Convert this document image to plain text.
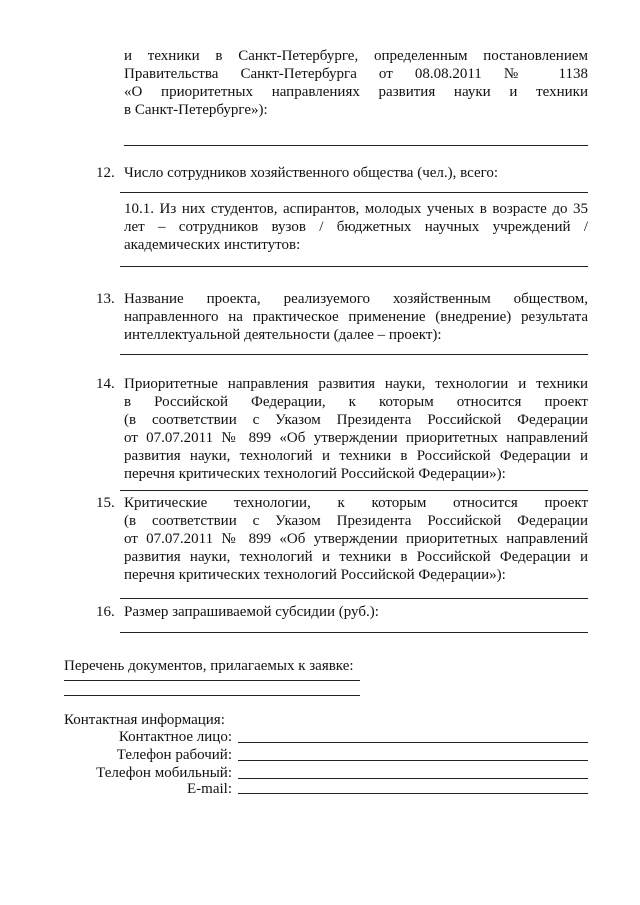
и техники в Санкт-Петербурге, определенным постановлением
Правительства Санкт-Петербурга от 08.08.2011 № 1138
«О приоритетных направлениях развития науки и техники
в Санкт-Петербурге»):
12. Число сотрудников хозяйственного общества (чел.), всего:
10.1. Из них студентов, аспирантов, молодых ученых в возрасте до 35
лет – сотрудников вузов / бюджетных научных учреждений /
академических институтов:
13. Название проекта, реализуемого хозяйственным обществом,
направленного на практическое применение (внедрение) результата
интеллектуальной деятельности (далее – проект):
14. Приоритетные направления развития науки, технологии и техники
в Российской Федерации, к которым относится проект
(в соответствии с Указом Президента Российской Федерации
от 07.07.2011 № 899 «Об утверждении приоритетных направлений
развития науки, технологий и техники в Российской Федерации и
перечня критических технологий Российской Федерации»):
15. Критические технологии, к которым относится проект
(в соответствии с Указом Президента Российской Федерации
от 07.07.2011 № 899 «Об утверждении приоритетных направлений
развития науки, технологий и техники в Российской Федерации и
перечня критических технологий Российской Федерации»):
16. Размер запрашиваемой субсидии (руб.):
Перечень документов, прилагаемых к заявке:
Контактная информация:
Контактное лицо:
Телефон рабочий:
Телефон мобильный:
E-mail:
